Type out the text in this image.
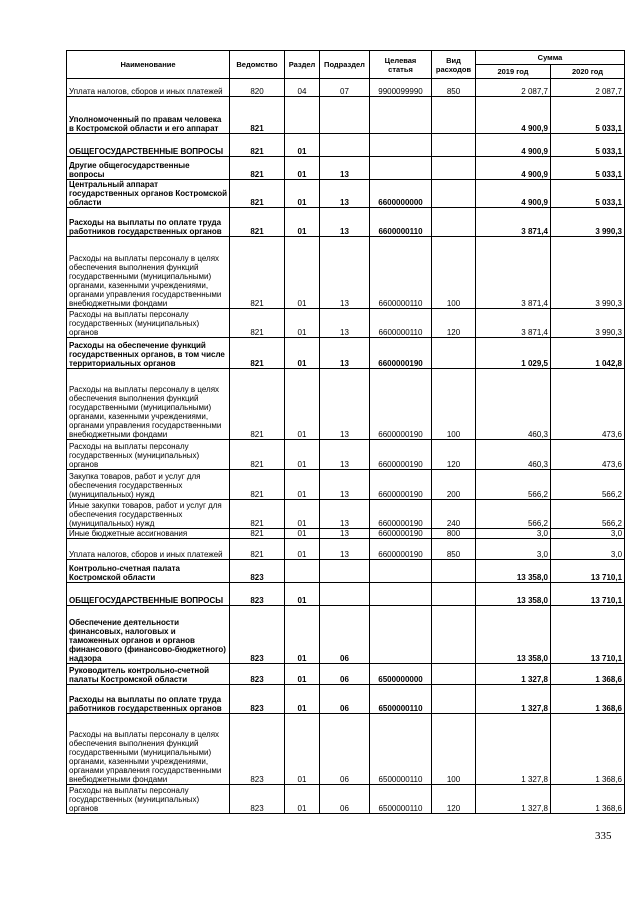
Наименование	Ведомство	Раздел	Подраздел	Целевая статья	Вид расходов	Сумма	
						2019 год	2020 год
Уплата налогов, сборов и иных платежей	820	04	07	9900099990	850	2 087,7	2 087,7
Уполномоченный по правам человека в Костромской области и его аппарат	821					4 900,9	5 033,1
ОБЩЕГОСУДАРСТВЕННЫЕ ВОПРОСЫ	821	01				4 900,9	5 033,1
Другие общегосударственные вопросы	821	01	13			4 900,9	5 033,1
Центральный аппарат государственных органов Костромской области	821	01	13	6600000000		4 900,9	5 033,1
Расходы на выплаты по оплате труда работников государственных органов	821	01	13	6600000110		3 871,4	3 990,3
Расходы на выплаты персоналу в целях обеспечения выполнения функций государственными (муниципальными) органами, казенными учреждениями, органами управления государственными внебюджетными фондами	821	01	13	6600000110	100	3 871,4	3 990,3
Расходы на выплаты персоналу государственных (муниципальных) органов	821	01	13	6600000110	120	3 871,4	3 990,3
Расходы на обеспечение функций государственных органов, в том числе территориальных органов	821	01	13	6600000190		1 029,5	1 042,8
Расходы на выплаты персоналу в целях обеспечения выполнения функций государственными (муниципальными) органами, казенными учреждениями, органами управления государственными внебюджетными фондами	821	01	13	6600000190	100	460,3	473,6
Расходы на выплаты персоналу государственных (муниципальных) органов	821	01	13	6600000190	120	460,3	473,6
Закупка товаров, работ и услуг для обеспечения государственных (муниципальных) нужд	821	01	13	6600000190	200	566,2	566,2
Иные закупки товаров, работ и услуг для обеспечения государственных (муниципальных) нужд	821	01	13	6600000190	240	566,2	566,2
Иные бюджетные ассигнования	821	01	13	6600000190	800	3,0	3,0
Уплата налогов, сборов и иных платежей	821	01	13	6600000190	850	3,0	3,0
Контрольно-счетная палата Костромской области	823					13 358,0	13 710,1
ОБЩЕГОСУДАРСТВЕННЫЕ ВОПРОСЫ	823	01				13 358,0	13 710,1
Обеспечение деятельности финансовых, налоговых и таможенных органов и органов финансового (финансово-бюджетного) надзора	823	01	06			13 358,0	13 710,1
Руководитель контрольно-счетной палаты Костромской области	823	01	06	6500000000		1 327,8	1 368,6
Расходы на выплаты по оплате труда работников государственных органов	823	01	06	6500000110		1 327,8	1 368,6
Расходы на выплаты персоналу в целях обеспечения выполнения функций государственными (муниципальными) органами, казенными учреждениями, органами управления государственными внебюджетными фондами	823	01	06	6500000110	100	1 327,8	1 368,6
Расходы на выплаты персоналу государственных (муниципальных) органов	823	01	06	6500000110	120	1 327,8	1 368,6
335
